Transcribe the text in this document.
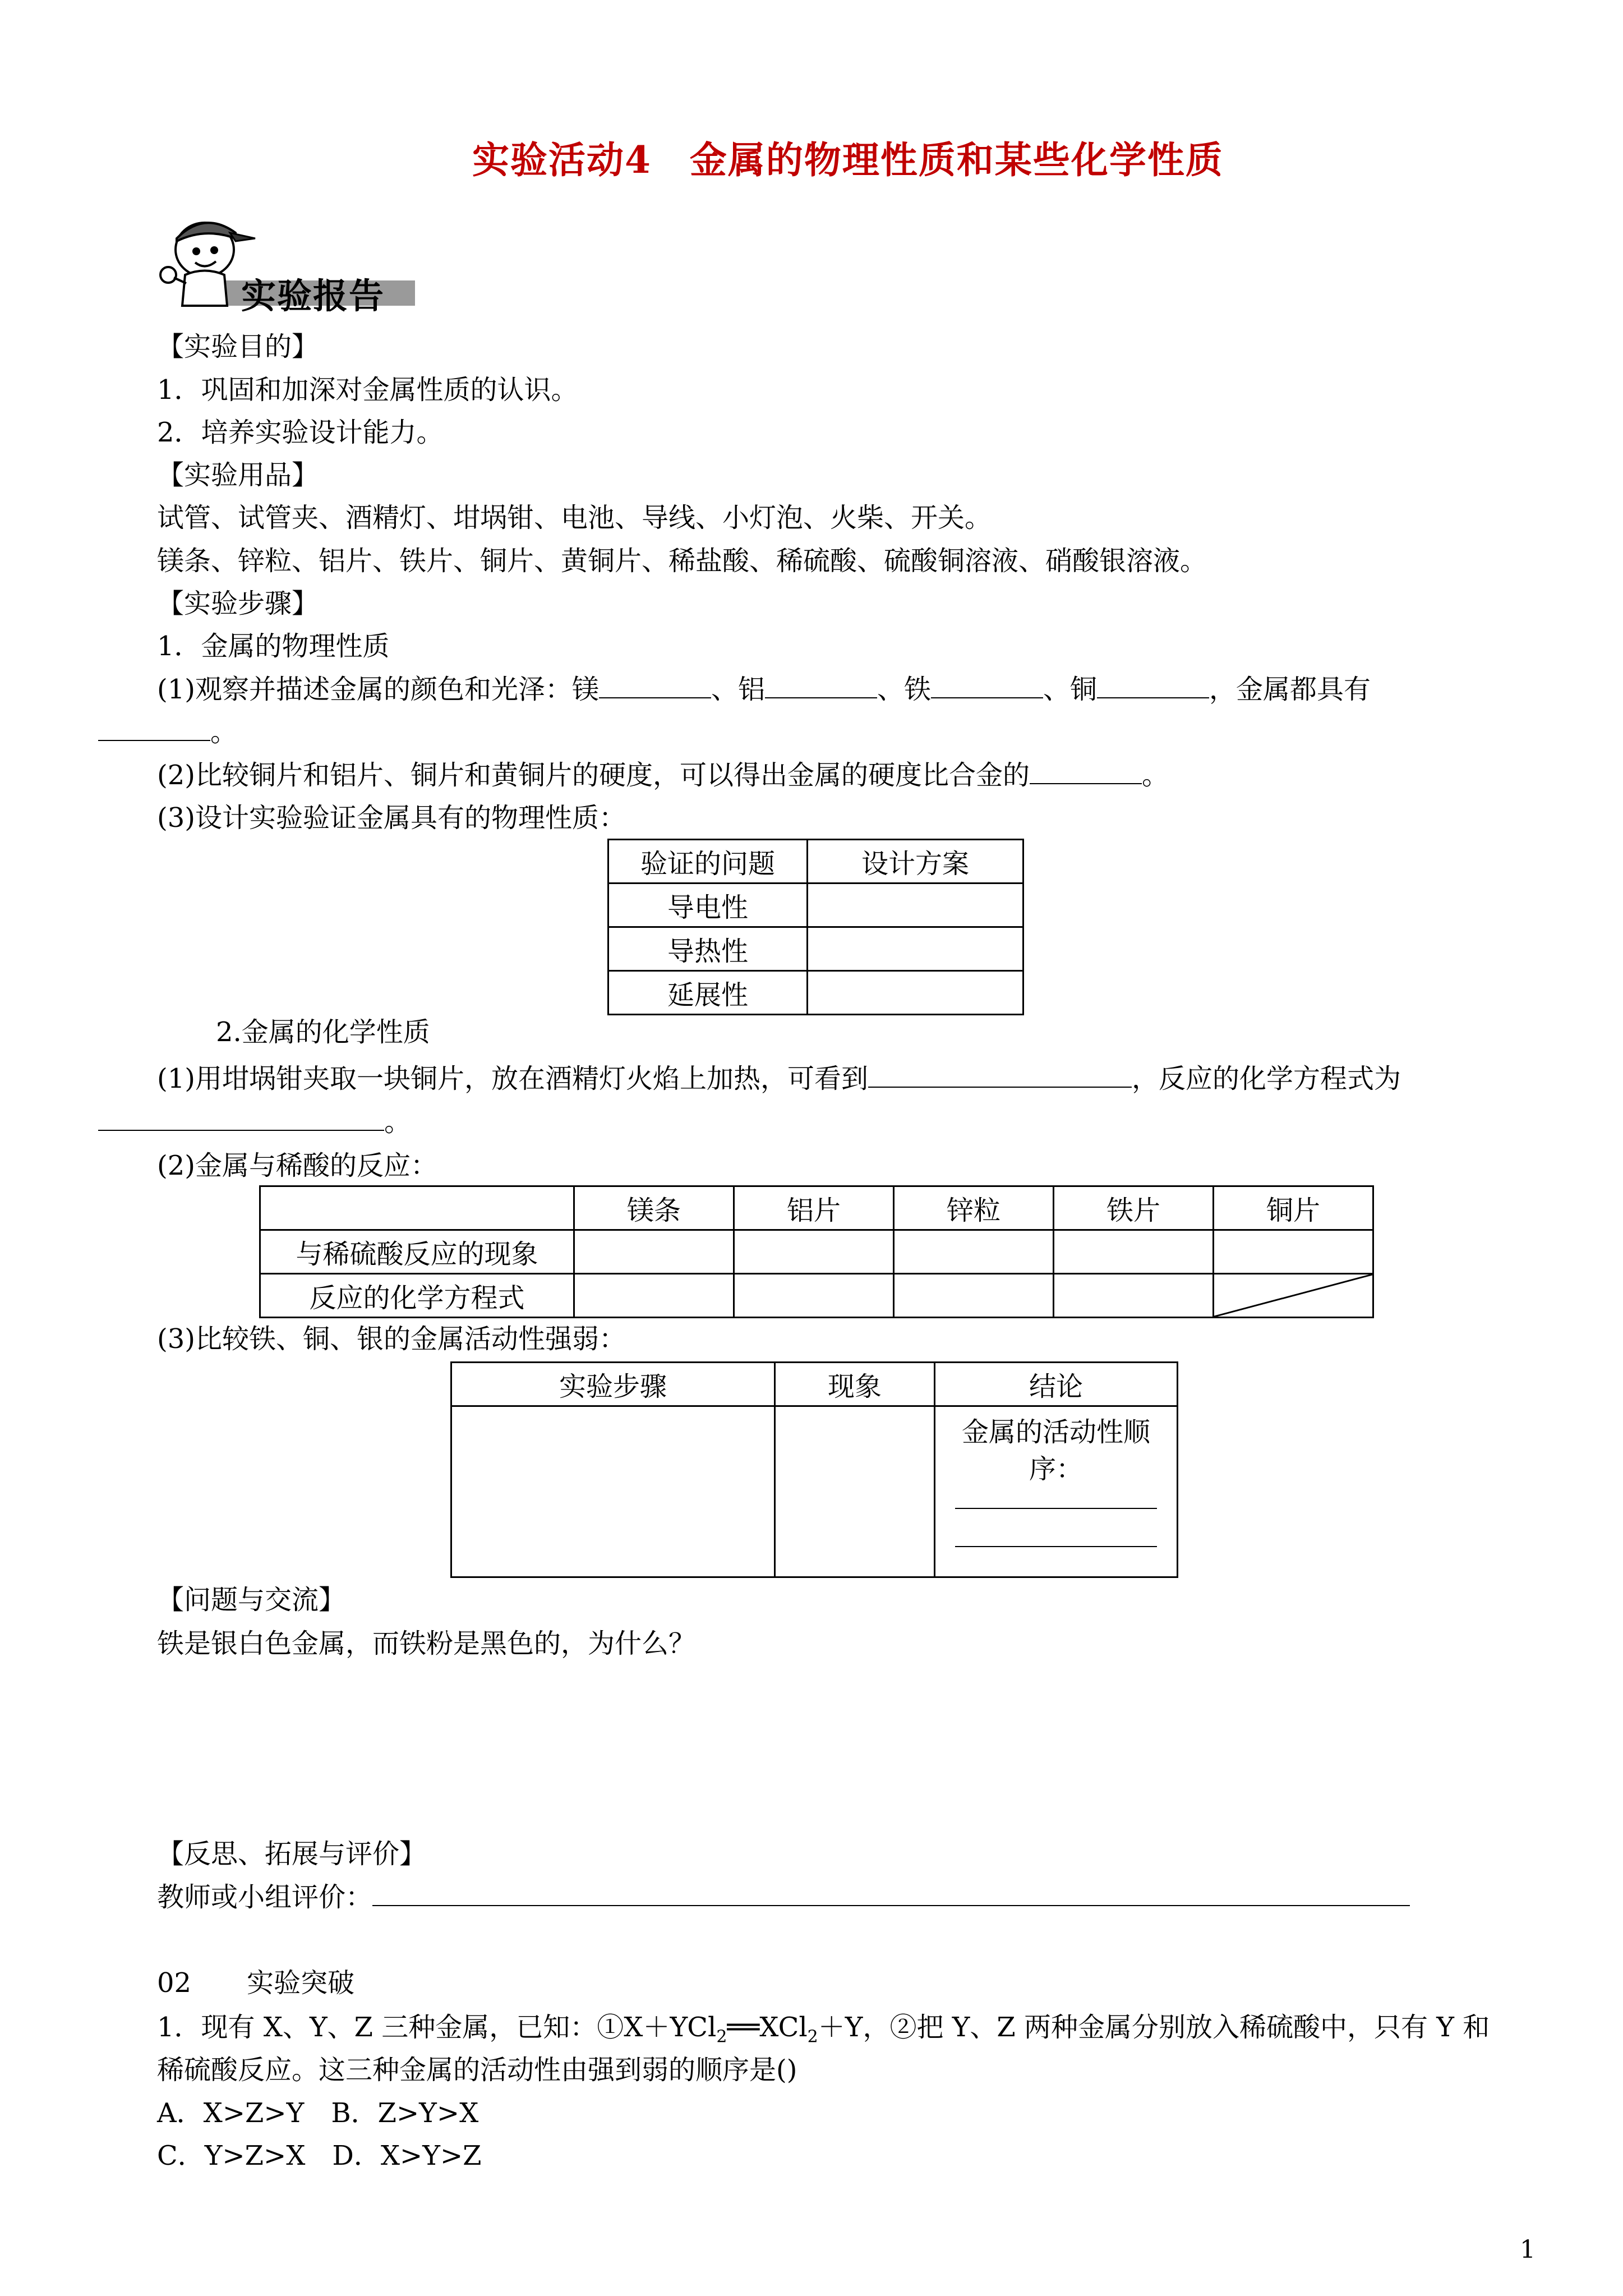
实验活动4　金属的物理性质和某些化学性质
实验报告
【实验目的】
1．巩固和加深对金属性质的认识。
2．培养实验设计能力。
【实验用品】
试管、试管夹、酒精灯、坩埚钳、电池、导线、小灯泡、火柴、开关。
镁条、锌粒、铝片、铁片、铜片、黄铜片、稀盐酸、稀硫酸、硫酸铜溶液、硝酸银溶液。
【实验步骤】
1．金属的物理性质
(1)观察并描述金属的颜色和光泽：镁	、铝	、铁	、铜	，金属都具有
。
(2)比较铜片和铝片、铜片和黄铜片的硬度，可以得出金属的硬度比合金的	。
(3)设计实验验证金属具有的物理性质：
验证的问题	设计方案
导电性	
导热性	
延展性	
2.金属的化学性质
(1)用坩埚钳夹取一块铜片，放在酒精灯火焰上加热，可看到	，反应的化学方程式为
。
(2)金属与稀酸的反应：
	镁条	铝片	锌粒	铁片	铜片
与稀硫酸反应的现象					
反应的化学方程式					
(3)比较铁、铜、银的金属活动性强弱：
实验步骤	现象	结论

		金属的活动性顺
序：
【问题与交流】
铁是银白色金属，而铁粉是黑色的，为什么？
【反思、拓展与评价】
教师或小组评价：
02 实验突破
1．现有 X、Y、Z 三种金属，已知：①X＋YCl$_2$══XCl$_2$＋Y，②把 Y、Z 两种金属分别放入稀硫酸中，只有 Y 和
稀硫酸反应。这三种金属的活动性由强到弱的顺序是()
A．X>Z>Y　B．Z>Y>X
C．Y>Z>X　D．X>Y>Z
1
